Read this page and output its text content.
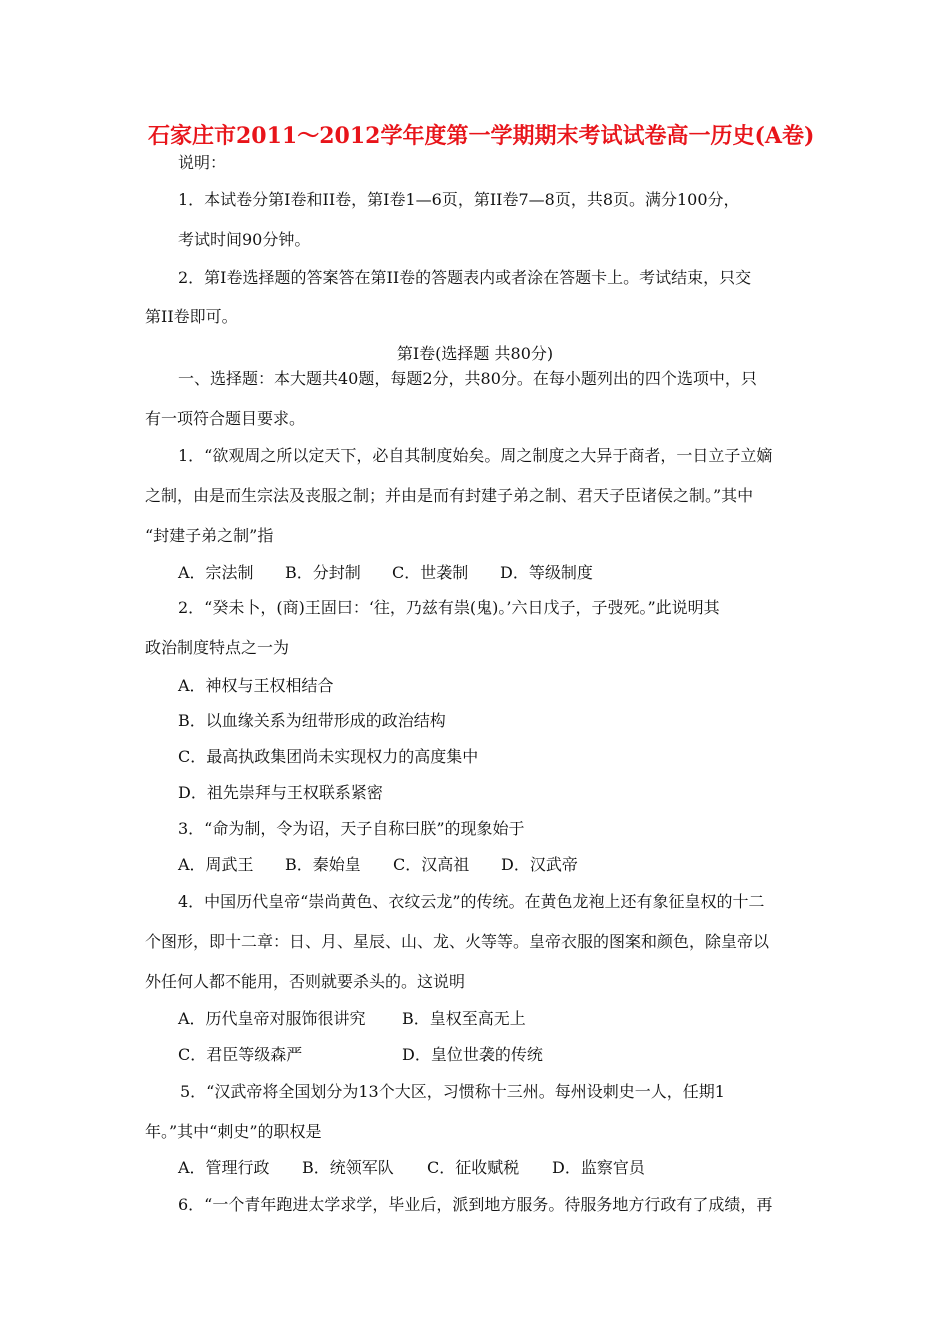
石家庄市2011～2012学年度第一学期期末考试试卷高一历史(A卷)
说明：
1．本试卷分第Ⅰ卷和II卷，第Ⅰ卷1—6页，第II卷7—8页，共8页。满分100分，
考试时间90分钟。
2．第Ⅰ卷选择题的答案答在第II卷的答题表内或者涂在答题卡上。考试结束，只交
第II卷即可。
第Ⅰ卷(选择题 共80分)
一、选择题：本大题共40题，每题2分，共80分。在每小题列出的四个选项中，只
有一项符合题目要求。
1．“欲观周之所以定天下，必自其制度始矣。周之制度之大异于商者，一日立子立嫡
之制，由是而生宗法及丧服之制；并由是而有封建子弟之制、君天子臣诸侯之制。”其中
“封建子弟之制”指
A．宗法制 B．分封制 C．世袭制 D．等级制度
2．“癸未卜，(商)王固曰：‘往，乃兹有祟(鬼)。’六日戊子，子弢死。”此说明其
政治制度特点之一为
A．神权与王权相结合
B．以血缘关系为纽带形成的政治结构
C．最高执政集团尚未实现权力的高度集中
D．祖先崇拜与王权联系紧密
3．“命为制，令为诏，天子自称曰朕”的现象始于
A．周武王 B．秦始皇 C．汉高祖 D．汉武帝
4．中国历代皇帝“崇尚黄色、衣纹云龙”的传统。在黄色龙袍上还有象征皇权的十二
个图形，即十二章：日、月、星辰、山、龙、火等等。皇帝衣服的图案和颜色，除皇帝以
外任何人都不能用，否则就要杀头的。这说明
A．历代皇帝对服饰很讲究 B．皇权至高无上
C．君臣等级森严	D．皇位世袭的传统
5．“汉武帝将全国划分为13个大区，习惯称十三州。每州设刺史一人，任期1
年。”其中“刺史”的职权是
A．管理行政 B．统领军队 C．征收赋税 D．监察官员
6．“一个青年跑进太学求学，毕业后，派到地方服务。待服务地方行政有了成绩，再
